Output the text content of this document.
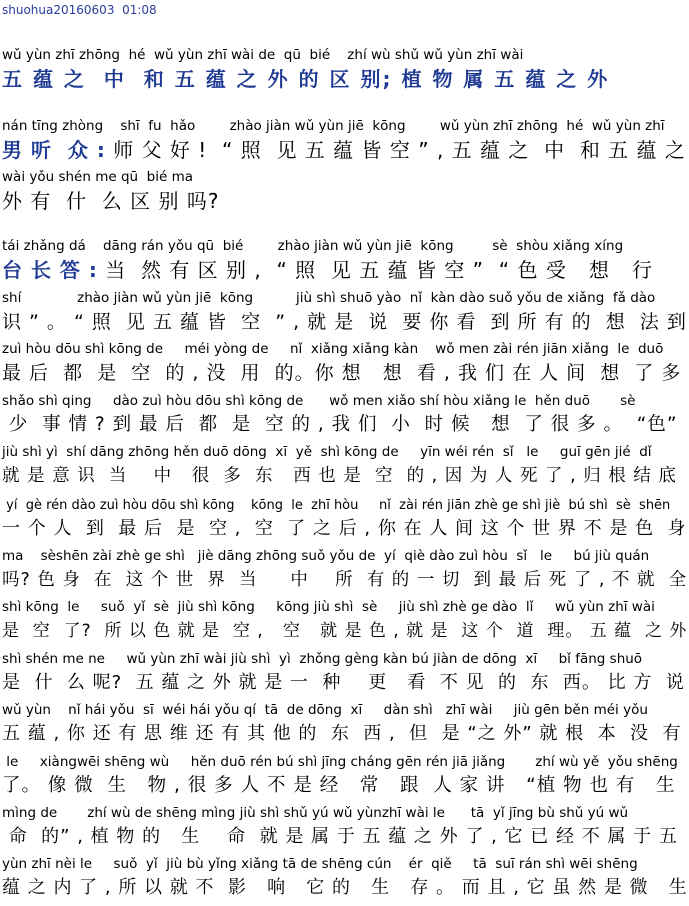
shuohua20160603  01:08
wǔ yùn zhī zhōng  hé  wǔ yùn zhī wài de  qū  bié    zhí wù shǔ wǔ yùn zhī wài
五 蕴 之  中  和 五 蕴 之 外 的 区 别; 植 物 属 五 蕴 之 外
nán tīng zhòng    shī  fu  hǎo        zhào jiàn wǔ yùn jiē  kōng        wǔ yùn zhī zhōng  hé  wǔ yùn zhī
男 听  众 : 师 父 好 !  “ 照  见 五 蕴 皆 空 ” , 五 蕴 之  中  和 五 蕴 之
wài yǒu shén me qū  bié ma
外 有  什  么 区 别 吗?
tái zhǎng dá    dāng rán yǒu qū  bié        zhào jiàn wǔ yùn jiē  kōng         sè  shòu xiǎng xíng
台 长 答 : 当  然 有 区 别 ,  “ 照  见 五 蕴 皆 空 ”  “ 色 受   想   行
shí             zhào jiàn wǔ yùn jiē  kōng          jiù shì shuō yào  nǐ  kàn dào suǒ yǒu de xiǎng  fǎ dào
识 ” 。 “ 照  见 五 蕴 皆  空  ” , 就 是  说  要 你 看  到 所 有 的  想  法 到
zuì hòu dōu shì kōng de     méi yòng de     nǐ  xiǎng xiǎng kàn    wǒ men zài rén jiān xiǎng  le  duō
最 后  都  是  空  的 , 没  用  的。你 想   想  看 , 我 们 在 人 间  想  了 多
shǎo shì qing     dào zuì hòu dōu shì kōng de      wǒ men xiǎo shí hòu xiǎng le  hěn duō       sè
少  事 情 ? 到 最 后  都  是  空 的 , 我 们  小  时 候   想  了 很 多 。  “色”
jiù shì yì  shí dāng zhōng hěn duō dōng  xī  yě  shì kōng de     yīn wéi rén  sǐ   le     guī gēn jié  dǐ
就 是 意 识  当    中   很  多  东   西 也 是  空  的 , 因 为 人 死 了 , 归 根 结 底
yí  gè rén dào zuì hòu dōu shì kōng    kōng  le  zhī hòu     nǐ  zài rén jiān zhè ge shì jiè  bú shì  sè  shēn
一 个 人  到  最 后  是  空 ,  空  了 之 后 , 你 在 人 间 这 个 世 界 不 是 色  身
ma    sèshēn zài zhè ge shì   jiè dāng zhōng suǒ yǒu de  yí  qiè dào zuì hòu  sǐ   le     bú jiù quán
吗? 色 身  在  这 个 世  界  当     中    所  有 的 一 切  到 最 后 死 了 , 不 就  全
shì kōng  le     suǒ  yǐ  sè  jiù shì kōng     kōng jiù shì  sè     jiù shì zhè ge dào  lǐ     wǔ yùn zhī wài
是  空  了?  所 以 色 就 是  空 ,   空   就 是 色 , 就 是  这 个  道  理。 五 蕴  之 外
shì shén me ne     wǔ yùn zhī wài jiù shì  yì  zhǒng gèng kàn bú jiàn de dōng  xī     bǐ fāng shuō
是  什  么 呢?  五 蕴 之 外 就 是 一  种    更   看  不 见  的  东  西。 比 方  说
wǔ yùn    nǐ hái yǒu  sī  wéi hái yǒu qí  tā  de dōng  xī     dàn shì   zhī wài     jiù gēn běn méi yǒu
五 蕴 , 你 还 有 思 维 还 有 其 他 的  东  西 ,  但  是 “之 外” 就 根  本  没  有
le     xiàngwēi shēng wù     hěn duō rén bú shì jīng cháng gēn rén jiā jiǎng       zhí wù yě  yǒu shēng
了。 像 微  生   物 , 很 多 人 不 是 经   常   跟  人 家 讲   “植 物 也 有   生
mìng de       zhí wù de shēng mìng jiù shì shǔ yú wǔ yùnzhī wài le      tā  yǐ jīng bù shǔ yú wǔ
命  的” , 植 物 的   生    命  就 是 属 于 五 蕴 之 外 了 , 它 已 经 不 属 于 五
yùn zhī nèi le     suǒ  yǐ  jiù bù yǐng xiǎng tā de shēng cún    ér  qiě     tā  suī rán shì wēi shēng
蕴 之 内 了 , 所 以 就 不  影   响   它 的   生   存 。 而 且 , 它 虽 然 是 微   生
